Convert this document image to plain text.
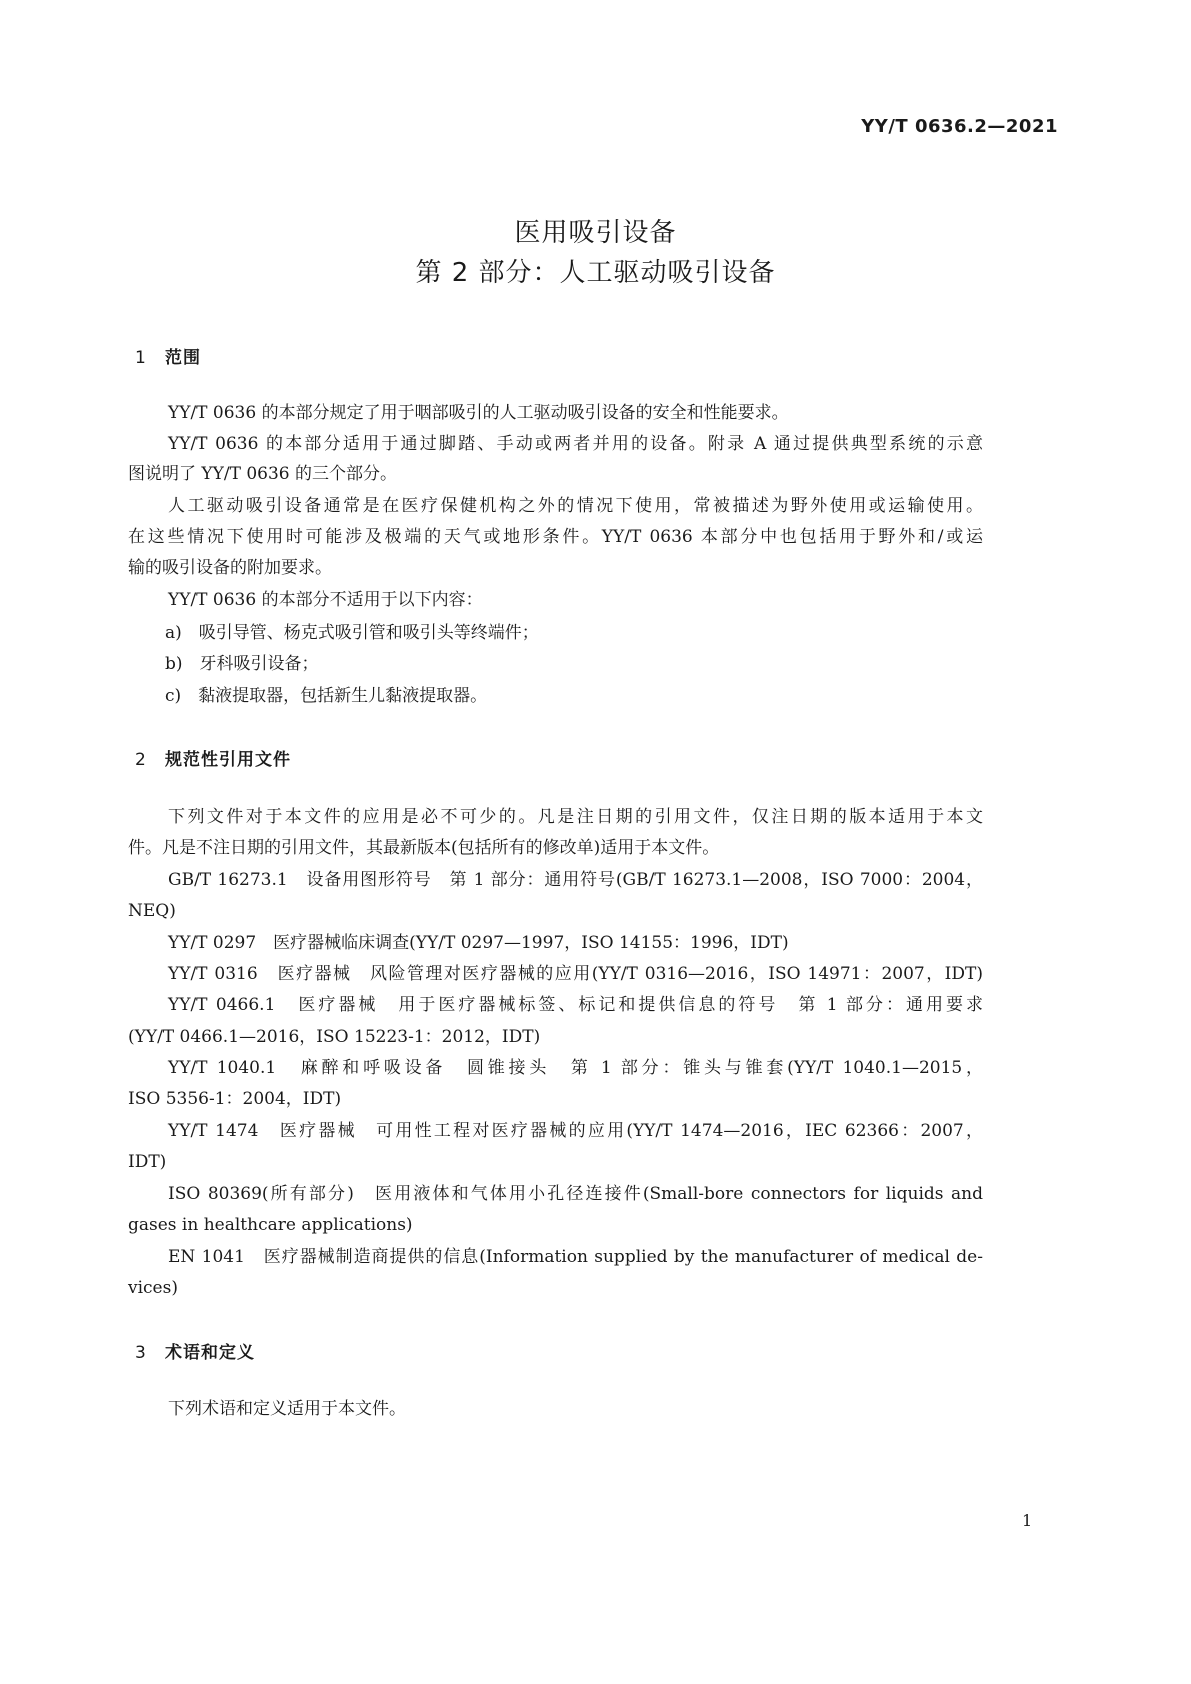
YY/T 0636.2—2021
医用吸引设备
第 2 部分：人工驱动吸引设备
1 范围
YY/T 0636 的本部分规定了用于咽部吸引的人工驱动吸引设备的安全和性能要求。
YY/T 0636 的本部分适用于通过脚踏、手动或两者并用的设备。附录 A 通过提供典型系统的示意
图说明了 YY/T 0636 的三个部分。
人工驱动吸引设备通常是在医疗保健机构之外的情况下使用，常被描述为野外使用或运输使用。
在这些情况下使用时可能涉及极端的天气或地形条件。YY/T 0636 本部分中也包括用于野外和/或运
输的吸引设备的附加要求。
YY/T 0636 的本部分不适用于以下内容：
a)　吸引导管、杨克式吸引管和吸引头等终端件；
b)　牙科吸引设备；
c)　黏液提取器，包括新生儿黏液提取器。
2 规范性引用文件
下列文件对于本文件的应用是必不可少的。凡是注日期的引用文件，仅注日期的版本适用于本文
件。凡是不注日期的引用文件，其最新版本(包括所有的修改单)适用于本文件。
GB/T 16273.1　设备用图形符号　第 1 部分：通用符号(GB/T 16273.1—2008，ISO 7000：2004，
NEQ)
YY/T 0297　医疗器械临床调查(YY/T 0297—1997，ISO 14155：1996，IDT)
YY/T 0316　医疗器械　风险管理对医疗器械的应用(YY/T 0316—2016，ISO 14971：2007，IDT)
YY/T 0466.1　医疗器械　用于医疗器械标签、标记和提供信息的符号　第 1 部分：通用要求
(YY/T 0466.1—2016，ISO 15223-1：2012，IDT)
YY/T 1040.1　麻醉和呼吸设备　圆锥接头　第 1 部分：锥头与锥套(YY/T 1040.1—2015，
ISO 5356-1：2004，IDT)
YY/T 1474　医疗器械　可用性工程对医疗器械的应用(YY/T 1474—2016，IEC 62366：2007，
IDT)
ISO 80369(所有部分)　医用液体和气体用小孔径连接件(Small-bore connectors for liquids and
gases in healthcare applications)
EN 1041　医疗器械制造商提供的信息(Information supplied by the manufacturer of medical de-
vices)
3 术语和定义
下列术语和定义适用于本文件。
1
